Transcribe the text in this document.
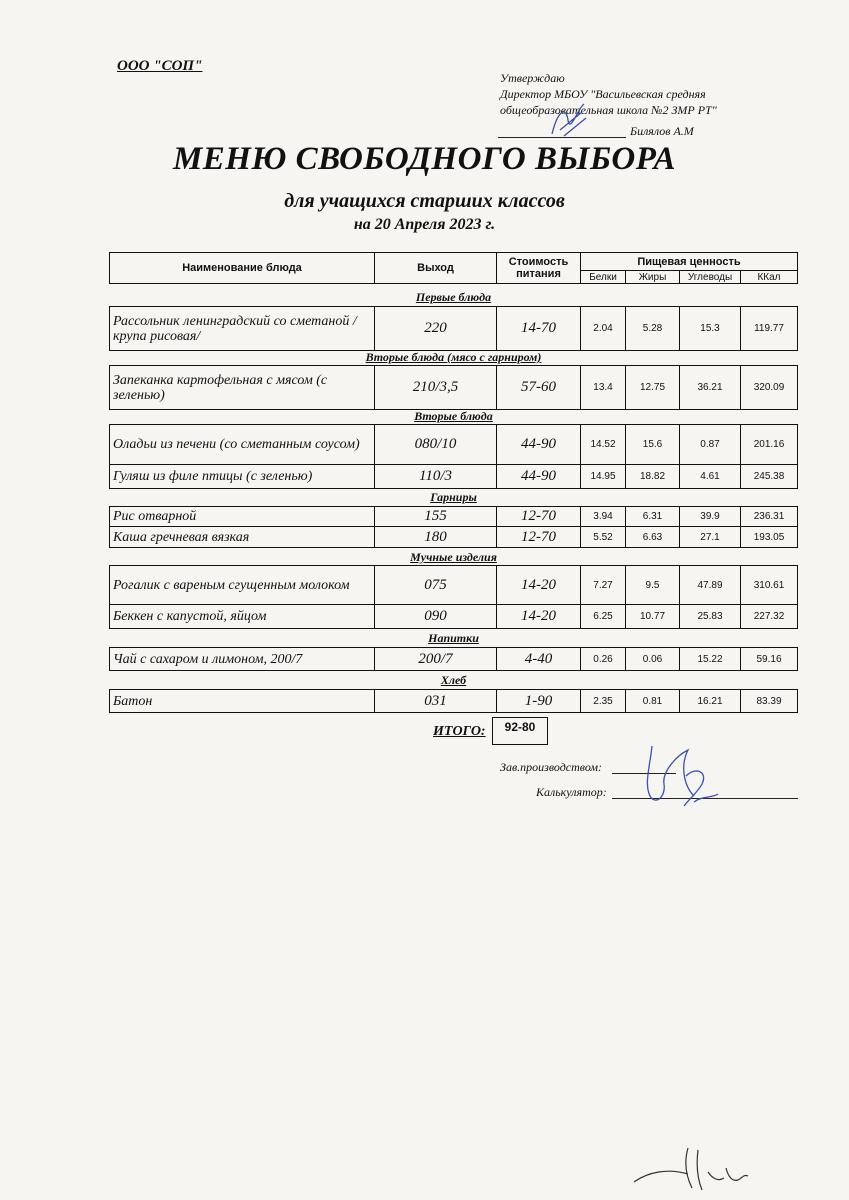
ООО "СОП"
Утверждаю
Директор МБОУ "Васильевская средняя
общеобразовательная школа №2 ЗМР РТ"
Билялов А.М
МЕНЮ СВОБОДНОГО ВЫБОРА
для учащихся старших классов
на 20 Апреля 2023 г.
Наименование блюда	Выход	Стоимость питания	Пищевая ценность			
			Белки	Жиры	Углеводы	ККал
Первые блюда
Рассольник ленинградский со сметаной /крупа рисовая/	220	14-70	2.04	5.28	15.3	119.77
Вторые блюда (мясо с гарниром)
Запеканка картофельная с мясом (с зеленью)	210/3,5	57-60	13.4	12.75	36.21	320.09
Вторые блюда
Оладьи из печени (со сметанным соусом)	080/10	44-90	14.52	15.6	0.87	201.16
Гуляш из филе птицы (с зеленью)	110/3	44-90	14.95	18.82	4.61	245.38
Гарниры
Рис отварной	155	12-70	3.94	6.31	39.9	236.31
Каша гречневая вязкая	180	12-70	5.52	6.63	27.1	193.05
Мучные изделия
Рогалик с вареным сгущенным молоком	075	14-20	7.27	9.5	47.89	310.61
Беккен с капустой, яйцом	090	14-20	6.25	10.77	25.83	227.32
Напитки
Чай с сахаром и лимоном, 200/7	200/7	4-40	0.26	0.06	15.22	59.16
Хлеб
Батон	031	1-90	2.35	0.81	16.21	83.39
ИТОГО:	92-80
Зав.производством:
Калькулятор:
